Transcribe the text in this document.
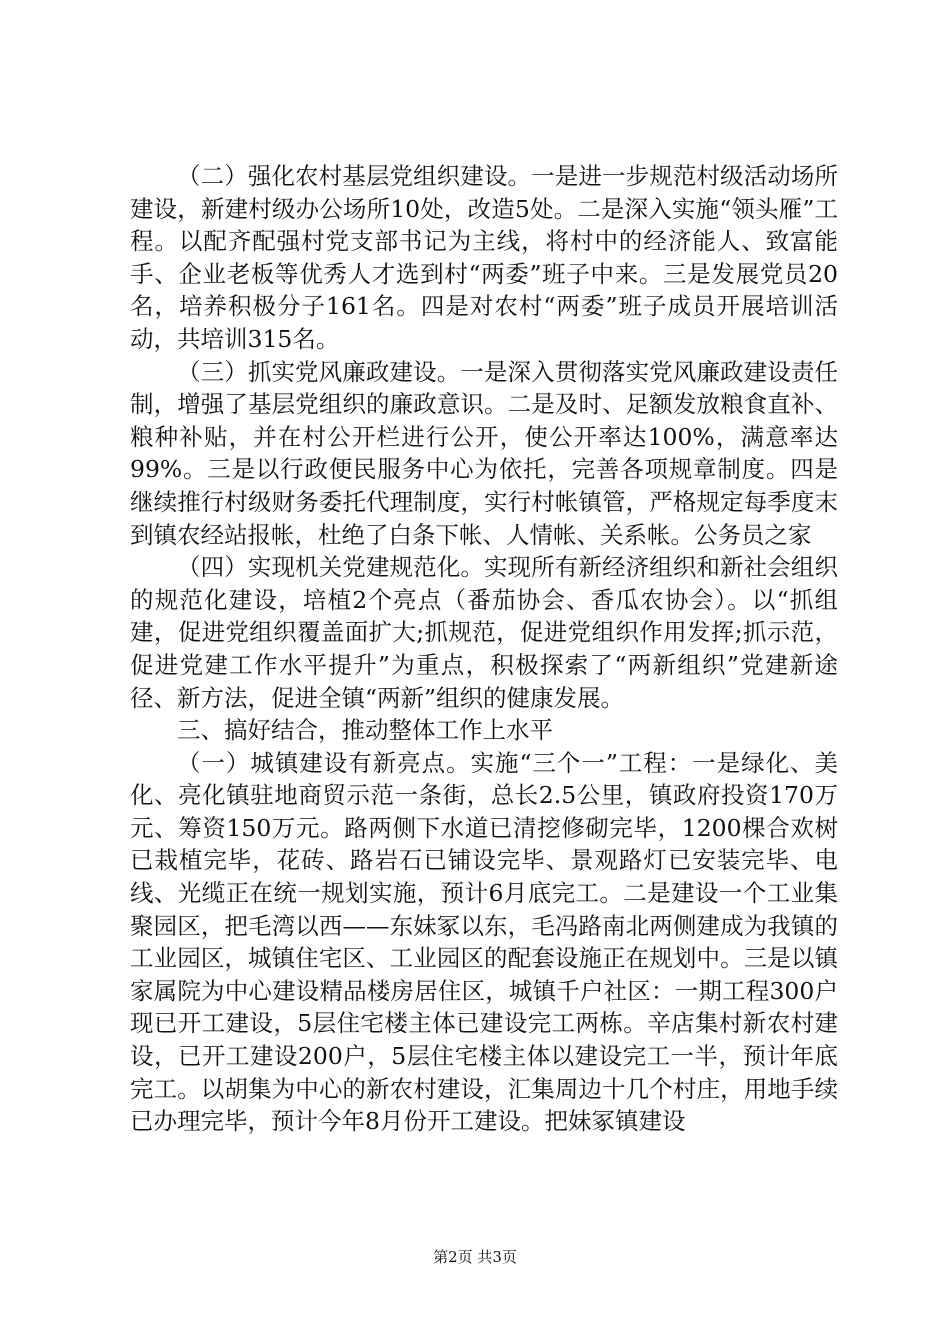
（二）强化农村基层党组织建设。一是进一步规范村级活动场所建设，新建村级办公场所10处，改造5处。二是深入实施“领头雁”工程。以配齐配强村党支部书记为主线，将村中的经济能人、致富能手、企业老板等优秀人才选到村“两委”班子中来。三是发展党员20名，培养积极分子161名。四是对农村“两委”班子成员开展培训活动，共培训315名。

（三）抓实党风廉政建设。一是深入贯彻落实党风廉政建设责任制，增强了基层党组织的廉政意识。二是及时、足额发放粮食直补、粮种补贴，并在村公开栏进行公开，使公开率达100%，满意率达99%。三是以行政便民服务中心为依托，完善各项规章制度。四是继续推行村级财务委托代理制度，实行村帐镇管，严格规定每季度末到镇农经站报帐，杜绝了白条下帐、人情帐、关系帐。公务员之家

（四）实现机关党建规范化。实现所有新经济组织和新社会组织的规范化建设，培植2个亮点（番茄协会、香瓜农协会）。以“抓组建，促进党组织覆盖面扩大;抓规范，促进党组织作用发挥;抓示范，促进党建工作水平提升”为重点，积极探索了“两新组织”党建新途径、新方法，促进全镇“两新”组织的健康发展。

三、搞好结合，推动整体工作上水平

（一）城镇建设有新亮点。实施“三个一”工程：一是绿化、美化、亮化镇驻地商贸示范一条街，总长2.5公里，镇政府投资170万元、筹资150万元。路两侧下水道已清挖修砌完毕，1200棵合欢树已栽植完毕，花砖、路岩石已铺设完毕、景观路灯已安装完毕、电线、光缆正在统一规划实施，预计6月底完工。二是建设一个工业集聚园区，把毛湾以西——东妹冢以东，毛冯路南北两侧建成为我镇的工业园区，城镇住宅区、工业园区的配套设施正在规划中。三是以镇家属院为中心建设精品楼房居住区，城镇千户社区：一期工程300户现已开工建设，5层住宅楼主体已建设完工两栋。辛店集村新农村建设，已开工建设200户，5层住宅楼主体以建设完工一半，预计年底完工。以胡集为中心的新农村建设，汇集周边十几个村庄，用地手续已办理完毕，预计今年8月份开工建设。把妹冢镇建设

第2页 共3页
